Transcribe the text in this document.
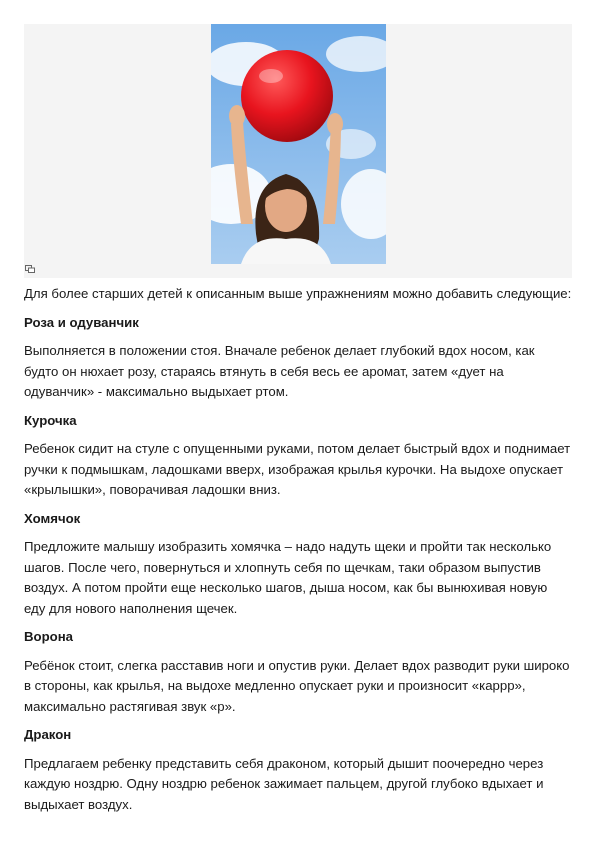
Для более старших детей к описанным выше упражнениям можно добавить следующие:

Роза и одуванчик

Выполняется в положении стоя. Вначале ребенок делает глубокий вдох носом, как будто он нюхает розу, стараясь втянуть в себя весь ее аромат, затем «дует на одуванчик» - максимально выдыхает ртом.

Курочка

Ребенок сидит на стуле с опущенными руками, потом делает быстрый вдох и поднимает ручки к подмышкам, ладошками вверх, изображая крылья курочки. На выдохе опускает «крылышки», поворачивая ладошки вниз.

Хомячок

Предложите малышу изобразить хомячка – надо надуть щеки и пройти так несколько шагов. После чего, повернуться и хлопнуть себя по щечкам, таки образом выпустив воздух. А потом пройти еще несколько шагов, дыша носом, как бы вынюхивая новую еду для нового наполнения щечек.

Ворона

Ребёнок стоит, слегка расставив ноги и опустив руки. Делает вдох разводит руки широко в стороны, как крылья, на выдохе медленно опускает руки и произносит «каррр», максимально растягивая звук «р».

Дракон

Предлагаем ребенку представить себя драконом, который дышит поочередно через каждую ноздрю. Одну ноздрю ребенок зажимает пальцем, другой глубоко вдыхает и выдыхает воздух.
